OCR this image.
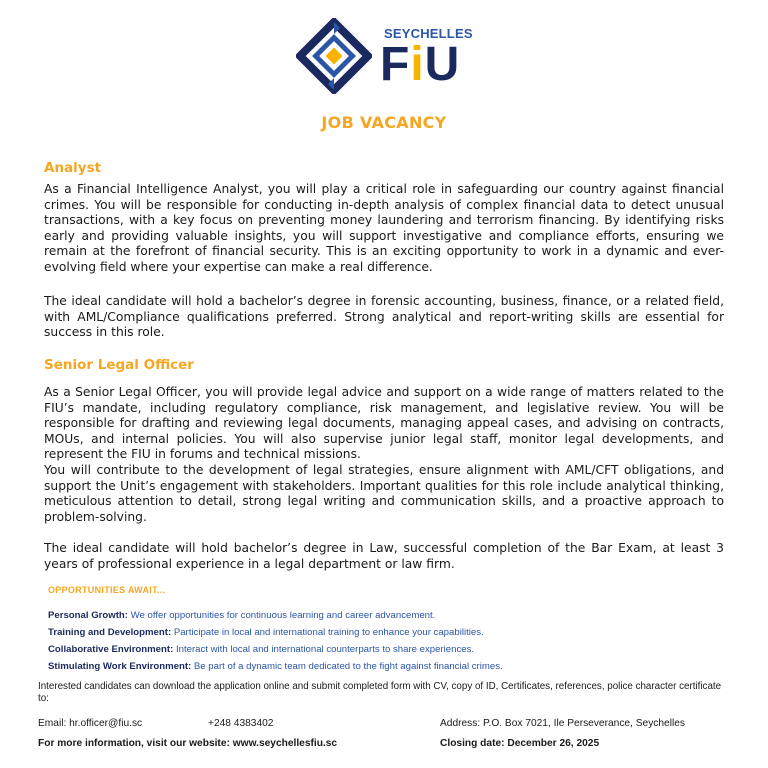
SEYCHELLES
FiU
JOB VACANCY
Analyst
As a Financial Intelligence Analyst, you will play a critical role in safeguarding our country against financial crimes. You will be responsible for conducting in-depth analysis of complex financial data to detect unusual transactions, with a key focus on preventing money laundering and terrorism financing. By identifying risks early and providing valuable insights, you will support investigative and compliance efforts, ensuring we remain at the forefront of financial security. This is an exciting opportunity to work in a dynamic and ever-evolving field where your expertise can make a real difference.
The ideal candidate will hold a bachelor’s degree in forensic accounting, business, finance, or a related field, with AML/Compliance qualifications preferred. Strong analytical and report-writing skills are essential for success in this role.
Senior Legal Officer
As a Senior Legal Officer, you will provide legal advice and support on a wide range of matters related to the FIU’s mandate, including regulatory compliance, risk management, and legislative review. You will be responsible for drafting and reviewing legal documents, managing appeal cases, and advising on contracts, MOUs, and internal policies. You will also supervise junior legal staff, monitor legal developments, and represent the FIU in forums and technical missions.
You will contribute to the development of legal strategies, ensure alignment with AML/CFT obligations, and support the Unit’s engagement with stakeholders. Important qualities for this role include analytical thinking, meticulous attention to detail, strong legal writing and communication skills, and a proactive approach to problem-solving.
The ideal candidate will hold bachelor’s degree in Law, successful completion of the Bar Exam, at least 3 years of professional experience in a legal department or law firm.
OPPORTUNITIES AWAIT...
Personal Growth: We offer opportunities for continuous learning and career advancement.
Training and Development: Participate in local and international training to enhance your capabilities.
Collaborative Environment: Interact with local and international counterparts to share experiences.
Stimulating Work Environment: Be part of a dynamic team dedicated to the fight against financial crimes.
Interested candidates can download the application online and submit completed form with CV, copy of ID, Certificates, references, police character certificate to:
Email: hr.officer@fiu.sc	+248 4383402	Address: P.O. Box 7021, Ile Perseverance, Seychelles
For more information, visit our website: www.seychellesfiu.sc	Closing date: December 26, 2025
